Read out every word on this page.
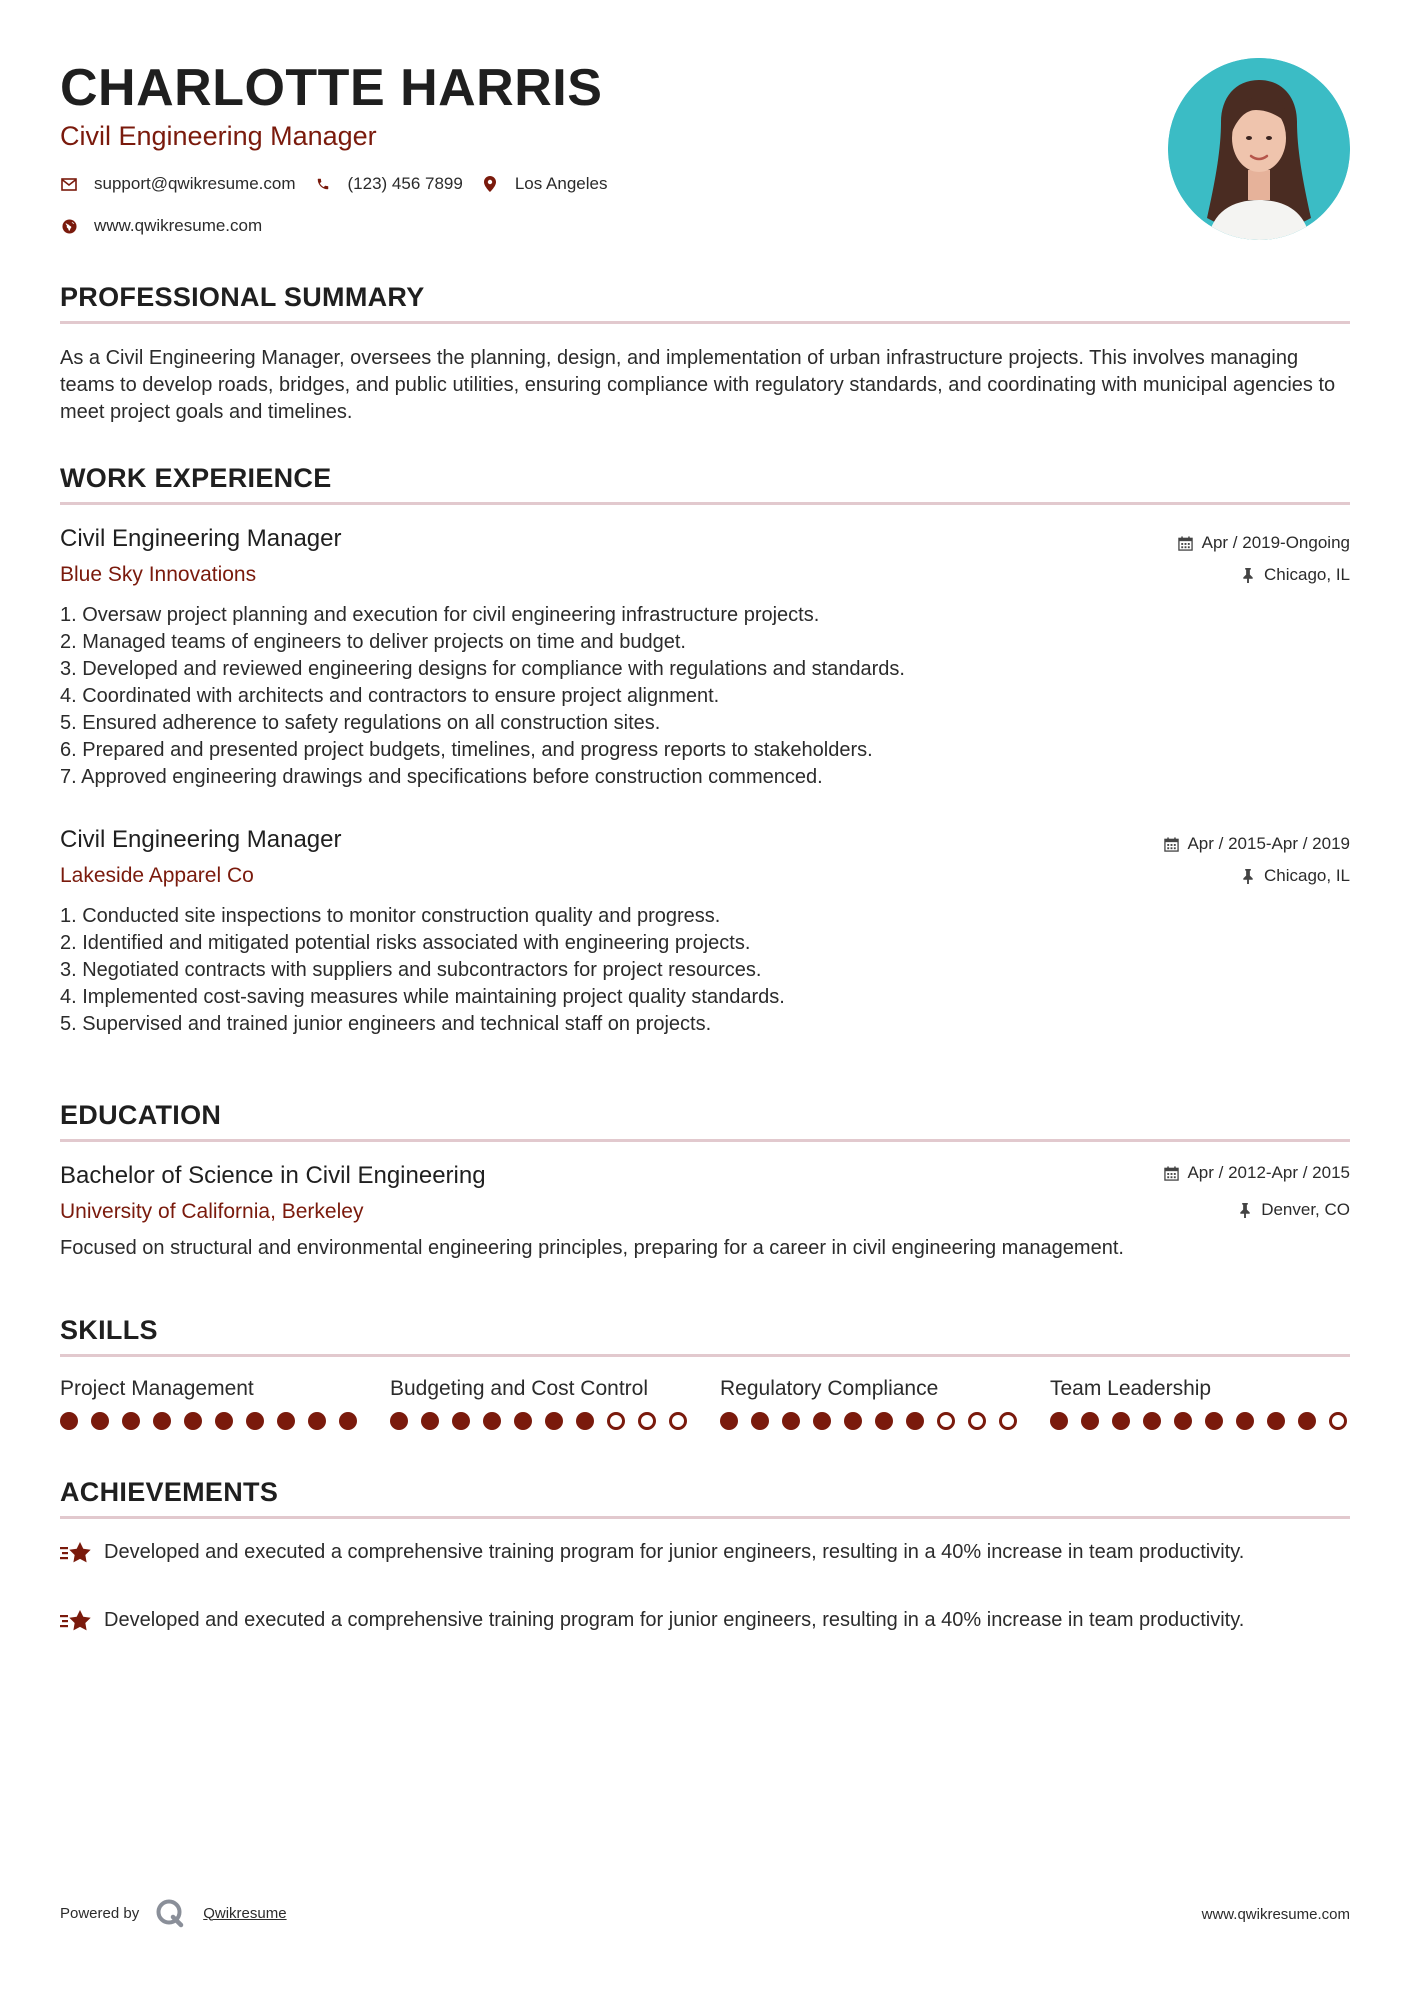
CHARLOTTE HARRIS
Civil Engineering Manager
support@qwikresume.com	(123) 456 7899	Los Angeles
www.qwikresume.com
PROFESSIONAL SUMMARY

As a Civil Engineering Manager, oversees the planning, design, and implementation of urban infrastructure projects. This involves managing teams to develop roads, bridges, and public utilities, ensuring compliance with regulatory standards, and coordinating with municipal agencies to meet project goals and timelines.

WORK EXPERIENCE
Civil Engineering Manager
Blue Sky Innovations
Apr / 2019-Ongoing
Chicago, IL
1. Oversaw project planning and execution for civil engineering infrastructure projects.
2. Managed teams of engineers to deliver projects on time and budget.
3. Developed and reviewed engineering designs for compliance with regulations and standards.
4. Coordinated with architects and contractors to ensure project alignment.
5. Ensured adherence to safety regulations on all construction sites.
6. Prepared and presented project budgets, timelines, and progress reports to stakeholders.
7. Approved engineering drawings and specifications before construction commenced.
Civil Engineering Manager
Lakeside Apparel Co
Apr / 2015-Apr / 2019
Chicago, IL
1. Conducted site inspections to monitor construction quality and progress.
2. Identified and mitigated potential risks associated with engineering projects.
3. Negotiated contracts with suppliers and subcontractors for project resources.
4. Implemented cost-saving measures while maintaining project quality standards.
5. Supervised and trained junior engineers and technical staff on projects.
EDUCATION
Bachelor of Science in Civil Engineering
University of California, Berkeley
Apr / 2012-Apr / 2015
Denver, CO

Focused on structural and environmental engineering principles, preparing for a career in civil engineering management.

SKILLS
Project Management	Budgeting and Cost Control	Regulatory Compliance	Team Leadership
ACHIEVEMENTS
Developed and executed a comprehensive training program for junior engineers, resulting in a 40% increase in team productivity.
Developed and executed a comprehensive training program for junior engineers, resulting in a 40% increase in team productivity.
Powered by	Qwikresume	www.qwikresume.com
